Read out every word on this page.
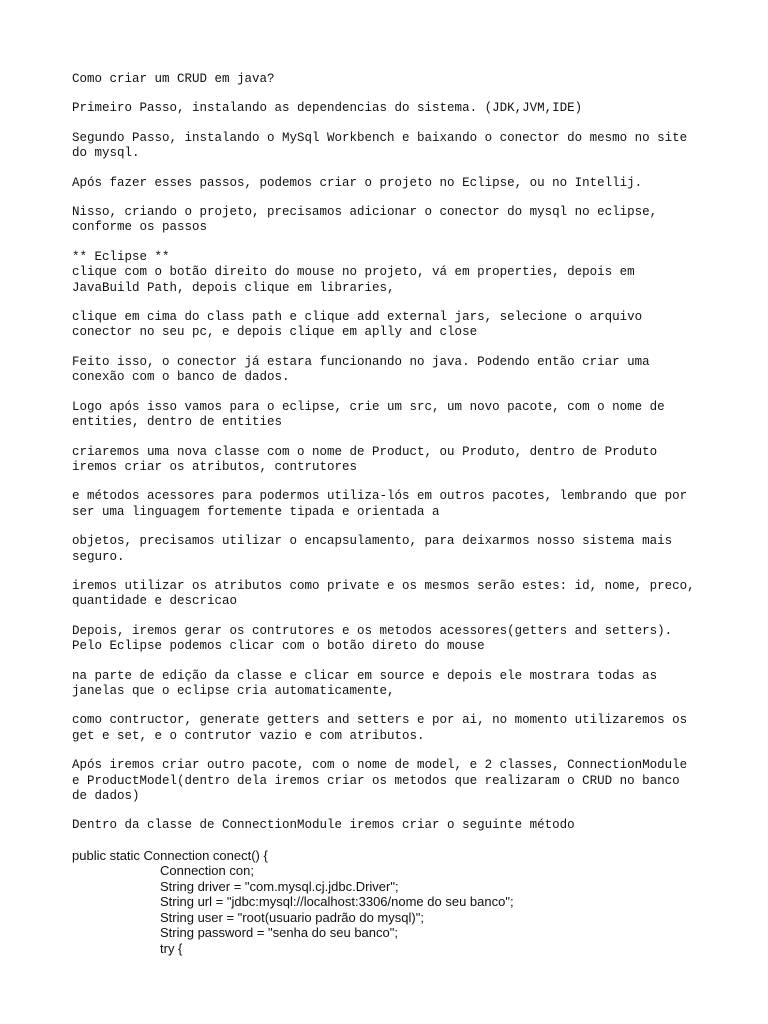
Como criar um CRUD em java?

Primeiro Passo, instalando as dependencias do sistema. (JDK,JVM,IDE)

Segundo Passo, instalando o MySql Workbench e baixando o conector do mesmo no site
do mysql.

Após fazer esses passos, podemos criar o projeto no Eclipse, ou no Intellij.

Nisso, criando o projeto, precisamos adicionar o conector do mysql no eclipse,
conforme os passos

** Eclipse **
clique com o botão direito do mouse no projeto, vá em properties, depois em
JavaBuild Path, depois clique em libraries,

clique em cima do class path e clique add external jars, selecione o arquivo
conector no seu pc, e depois clique em aplly and close

Feito isso, o conector já estara funcionando no java. Podendo então criar uma
conexão com o banco de dados.

Logo após isso vamos para o eclipse, crie um src, um novo pacote, com o nome de
entities, dentro de entities

criaremos uma nova classe com o nome de Product, ou Produto, dentro de Produto
iremos criar os atributos, contrutores

e métodos acessores para podermos utiliza-lós em outros pacotes, lembrando que por
ser uma linguagem fortemente tipada e orientada a

objetos, precisamos utilizar o encapsulamento, para deixarmos nosso sistema mais
seguro.

iremos utilizar os atributos como private e os mesmos serão estes: id, nome, preco,
quantidade e descricao

Depois, iremos gerar os contrutores e os metodos acessores(getters and setters).
Pelo Eclipse podemos clicar com o botão direto do mouse

na parte de edição da classe e clicar em source e depois ele mostrara todas as
janelas que o eclipse cria automaticamente,

como contructor, generate getters and setters e por ai, no momento utilizaremos os
get e set, e o contrutor vazio e com atributos.

Após iremos criar outro pacote, com o nome de model, e 2 classes, ConnectionModule
e ProductModel(dentro dela iremos criar os metodos que realizaram o CRUD no banco
de dados)

Dentro da classe de ConnectionModule iremos criar o seguinte método

public static Connection conect() {
Connection con;
String driver = "com.mysql.cj.jdbc.Driver";
String url = "jdbc:mysql://localhost:3306/nome do seu banco";
String user = "root(usuario padrão do mysql)";
String password = "senha do seu banco";
try {
